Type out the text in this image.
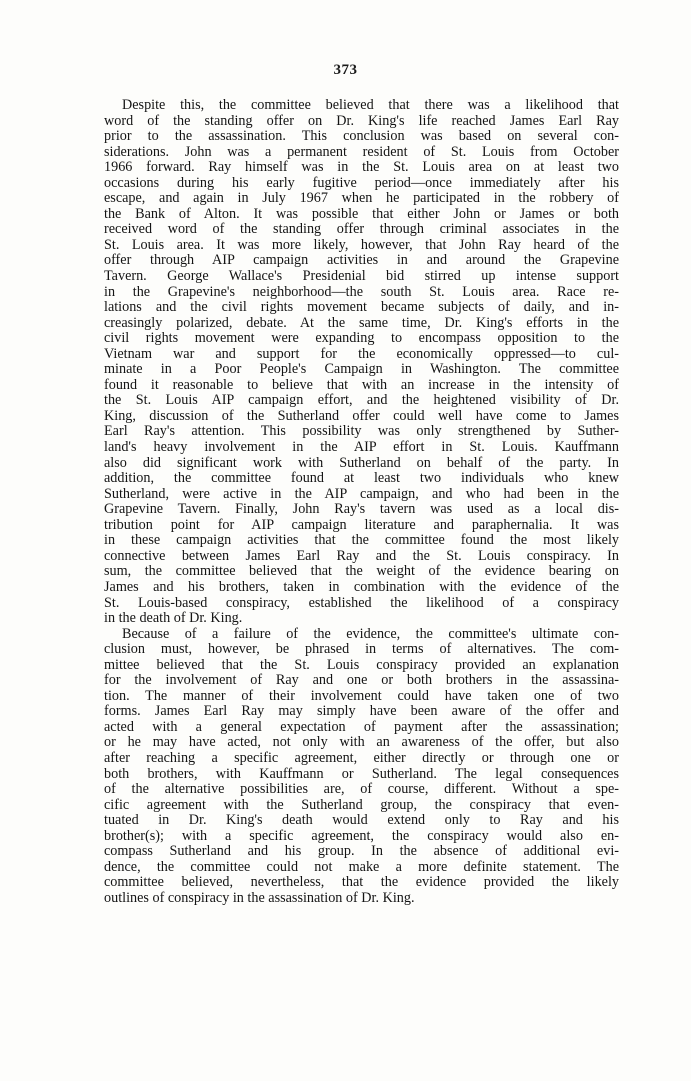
373
Despite this, the committee believed that there was a likelihood that
word of the standing offer on Dr. King's life reached James Earl Ray
prior to the assassination. This conclusion was based on several con-
siderations. John was a permanent resident of St. Louis from October
1966 forward. Ray himself was in the St. Louis area on at least two
occasions during his early fugitive period—once immediately after his
escape, and again in July 1967 when he participated in the robbery of
the Bank of Alton. It was possible that either John or James or both
received word of the standing offer through criminal associates in the
St. Louis area. It was more likely, however, that John Ray heard of the
offer through AIP campaign activities in and around the Grapevine
Tavern. George Wallace's Presidenial bid stirred up intense support
in the Grapevine's neighborhood—the south St. Louis area. Race re-
lations and the civil rights movement became subjects of daily, and in-
creasingly polarized, debate. At the same time, Dr. King's efforts in the
civil rights movement were expanding to encompass opposition to the
Vietnam war and support for the economically oppressed—to cul-
minate in a Poor People's Campaign in Washington. The committee
found it reasonable to believe that with an increase in the intensity of
the St. Louis AIP campaign effort, and the heightened visibility of Dr.
King, discussion of the Sutherland offer could well have come to James
Earl Ray's attention. This possibility was only strengthened by Suther-
land's heavy involvement in the AIP effort in St. Louis. Kauffmann
also did significant work with Sutherland on behalf of the party. In
addition, the committee found at least two individuals who knew
Sutherland, were active in the AIP campaign, and who had been in the
Grapevine Tavern. Finally, John Ray's tavern was used as a local dis-
tribution point for AIP campaign literature and paraphernalia. It was
in these campaign activities that the committee found the most likely
connective between James Earl Ray and the St. Louis conspiracy. In
sum, the committee believed that the weight of the evidence bearing on
James and his brothers, taken in combination with the evidence of the
St. Louis-based conspiracy, established the likelihood of a conspiracy
in the death of Dr. King.
Because of a failure of the evidence, the committee's ultimate con-
clusion must, however, be phrased in terms of alternatives. The com-
mittee believed that the St. Louis conspiracy provided an explanation
for the involvement of Ray and one or both brothers in the assassina-
tion. The manner of their involvement could have taken one of two
forms. James Earl Ray may simply have been aware of the offer and
acted with a general expectation of payment after the assassination;
or he may have acted, not only with an awareness of the offer, but also
after reaching a specific agreement, either directly or through one or
both brothers, with Kauffmann or Sutherland. The legal consequences
of the alternative possibilities are, of course, different. Without a spe-
cific agreement with the Sutherland group, the conspiracy that even-
tuated in Dr. King's death would extend only to Ray and his
brother(s); with a specific agreement, the conspiracy would also en-
compass Sutherland and his group. In the absence of additional evi-
dence, the committee could not make a more definite statement. The
committee believed, nevertheless, that the evidence provided the likely
outlines of conspiracy in the assassination of Dr. King.
